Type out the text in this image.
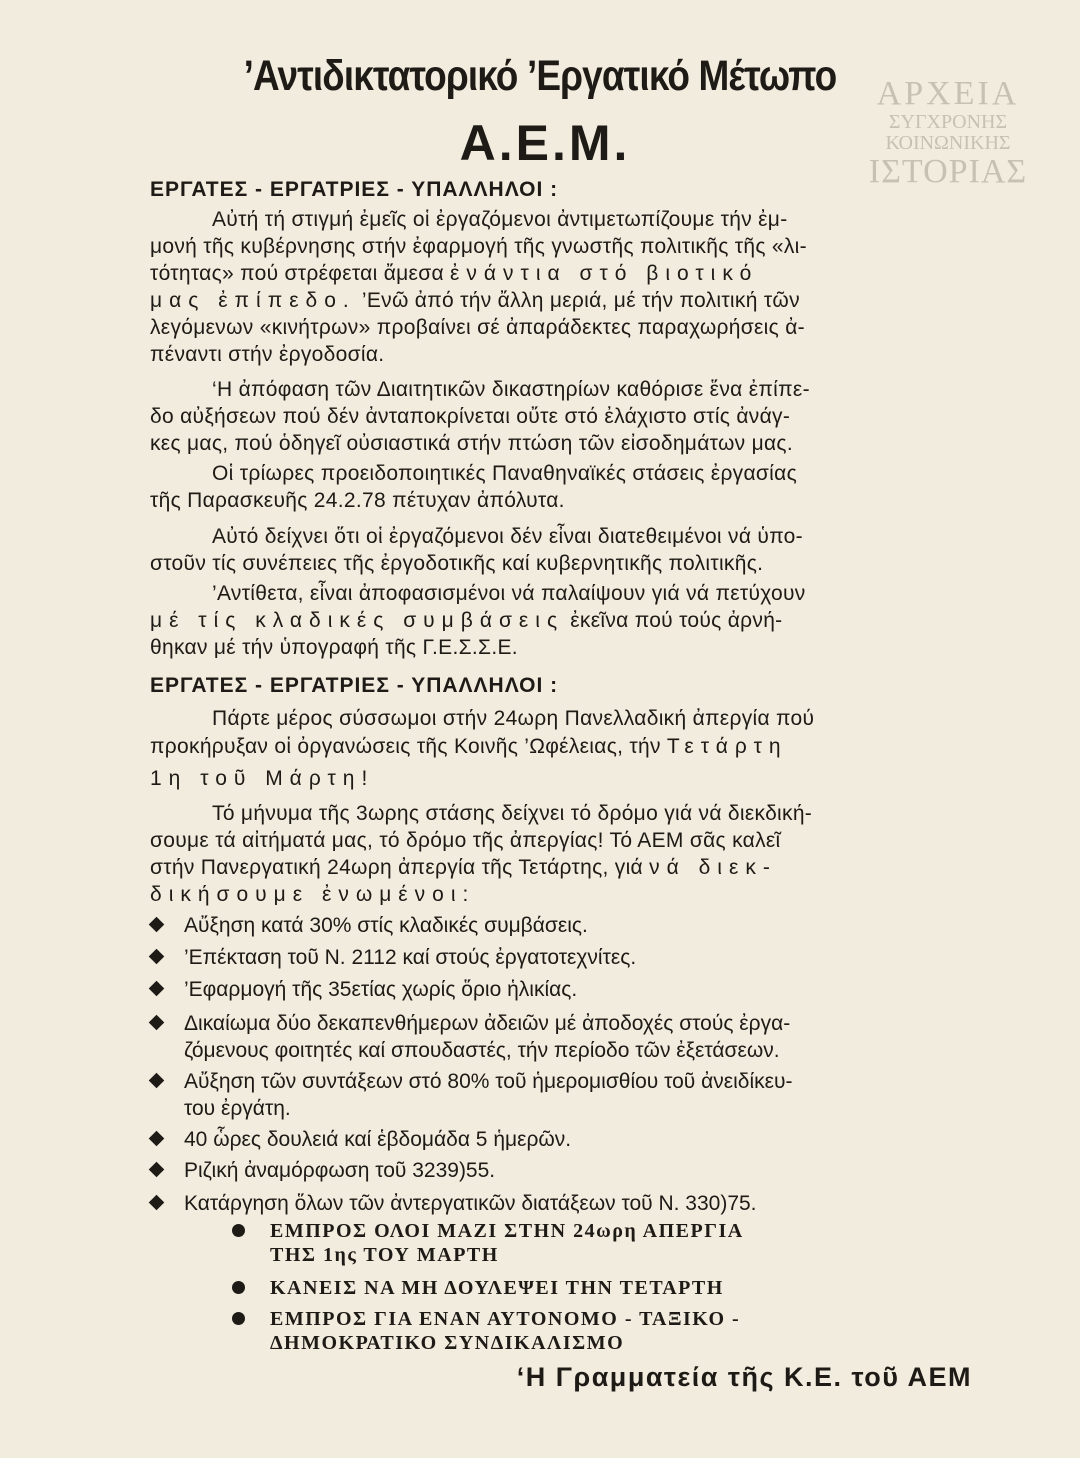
’Αντιδικτατορικό ’Εργατικό Μέτωπο
Α.Ε.Μ.
ΑΡΧΕΙΑ
ΣΥΓΧΡΟΝΗΣ
ΚΟΙΝΩΝΙΚΗΣ
ΙΣΤΟΡΙΑΣ
ΕΡΓΑΤΕΣ - ΕΡΓΑΤΡΙΕΣ - ΥΠΑΛΛΗΛΟΙ :
Αὐτή τή στιγμή ἐμεῖς οἱ ἐργαζόμενοι ἀντιμετωπίζουμε τήν ἐμ-
μονή τῆς κυβέρνησης στήν ἐφαρμογή τῆς γνωστῆς πολιτικῆς τῆς «λι-
τότητας» πού στρέφεται ἄμεσα ἐνάντια στό βιοτικό
μας ἐπίπεδο. ’Ενῶ ἀπό τήν ἄλλη μεριά, μέ τήν πολιτική τῶν
λεγόμενων «κινήτρων» προβαίνει σέ ἀπαράδεκτες παραχωρήσεις ἀ-
πέναντι στήν ἐργοδοσία.
‘Η ἀπόφαση τῶν Διαιτητικῶν δικαστηρίων καθόρισε ἕνα ἐπίπε-
δο αὐξήσεων πού δέν ἀνταποκρίνεται οὔτε στό ἐλάχιστο στίς ἀνάγ-
κες μας, πού ὁδηγεῖ οὐσιαστικά στήν πτώση τῶν εἰσοδημάτων μας.
Οἱ τρίωρες προειδοποιητικές Παναθηναϊκές στάσεις ἐργασίας
τῆς Παρασκευῆς 24.2.78 πέτυχαν ἀπόλυτα.
Αὐτό δείχνει ὅτι οἱ ἐργαζόμενοι δέν εἶναι διατεθειμένοι νά ὑπο-
στοῦν τίς συνέπειες τῆς ἐργοδοτικῆς καί κυβερνητικῆς πολιτικῆς.
’Αντίθετα, εἶναι ἀποφασισμένοι νά παλαίψουν γιά νά πετύχουν
μέ τίς κλαδικές συμβάσεις ἐκεῖνα πού τούς ἀρνή-
θηκαν μέ τήν ὑπογραφή τῆς Γ.Ε.Σ.Σ.Ε.
ΕΡΓΑΤΕΣ - ΕΡΓΑΤΡΙΕΣ - ΥΠΑΛΛΗΛΟΙ :
Πάρτε μέρος σύσσωμοι στήν 24ωρη Πανελλαδική ἀπεργία πού
προκήρυξαν οἱ ὀργανώσεις τῆς Κοινῆς ’Ωφέλειας, τήν Τετάρτη
1η τοῦ Μάρτη!
Τό μήνυμα τῆς 3ωρης στάσης δείχνει τό δρόμο γιά νά διεκδική-
σουμε τά αἰτήματά μας, τό δρόμο τῆς ἀπεργίας! Τό ΑΕΜ σᾶς καλεῖ
στήν Πανεργατική 24ωρη ἀπεργία τῆς Τετάρτης, γιά νά διεκ-
δικήσουμε ἐνωμένοι:
Αὔξηση κατά 30% στίς κλαδικές συμβάσεις.
’Επέκταση τοῦ Ν. 2112 καί στούς ἐργατοτεχνίτες.
’Εφαρμογή τῆς 35ετίας χωρίς ὅριο ἡλικίας.
Δικαίωμα δύο δεκαπενθήμερων ἀδειῶν μέ ἀποδοχές στούς ἐργα-
ζόμενους φοιτητές καί σπουδαστές, τήν περίοδο τῶν ἐξετάσεων.
Αὔξηση τῶν συντάξεων στό 80% τοῦ ἡμερομισθίου τοῦ ἀνειδίκευ-
του ἐργάτη.
40 ὧρες δουλειά καί ἑβδομάδα 5 ἡμερῶν.
Ριζική ἀναμόρφωση τοῦ 3239)55.
Κατάργηση ὅλων τῶν ἀντεργατικῶν διατάξεων τοῦ Ν. 330)75.
ΕΜΠΡΟΣ ΟΛΟΙ ΜΑΖΙ ΣΤΗΝ 24ωρη ΑΠΕΡΓΙΑ
ΤΗΣ 1ης ΤΟΥ ΜΑΡΤΗ
ΚΑΝΕΙΣ ΝΑ ΜΗ ΔΟΥΛΕΨΕΙ ΤΗΝ ΤΕΤΑΡΤΗ
ΕΜΠΡΟΣ ΓΙΑ ΕΝΑΝ ΑΥΤΟΝΟΜΟ - ΤΑΞΙΚΟ -
ΔΗΜΟΚΡΑΤΙΚΟ ΣΥΝΔΙΚΑΛΙΣΜΟ
‘Η Γραμματεία τῆς Κ.Ε. τοῦ ΑΕΜ
